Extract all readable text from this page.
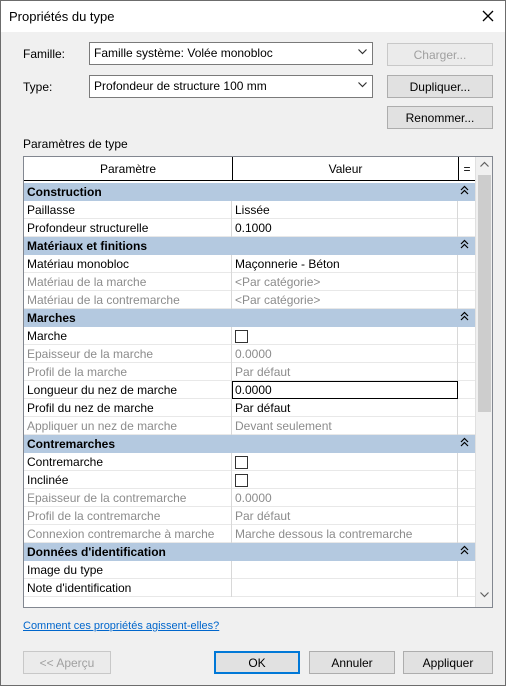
Propriétés du type
Famille:	Famille système: Volée monobloc	Charger...
Type:	Profondeur de structure 100 mm	Dupliquer...
Renommer...
Paramètres de type
Paramètre	Valeur	=
Construction
Paillasse	Lissée
Profondeur structurelle	0.1000
Matériaux et finitions
Matériau monobloc	Maçonnerie - Béton
Matériau de la marche	<Par catégorie>
Matériau de la contremarche	<Par catégorie>
Marches
Marche
Epaisseur de la marche	0.0000
Profil de la marche	Par défaut
Longueur du nez de marche	0.0000
Profil du nez de marche	Par défaut
Appliquer un nez de marche	Devant seulement
Contremarches
Contremarche
Inclinée
Epaisseur de la contremarche	0.0000
Profil de la contremarche	Par défaut
Connexion contremarche à marche	Marche dessous la contremarche
Données d'identification
Image du type
Note d'identification
Comment ces propriétés agissent-elles?
<< Aperçu	OK	Annuler	Appliquer
